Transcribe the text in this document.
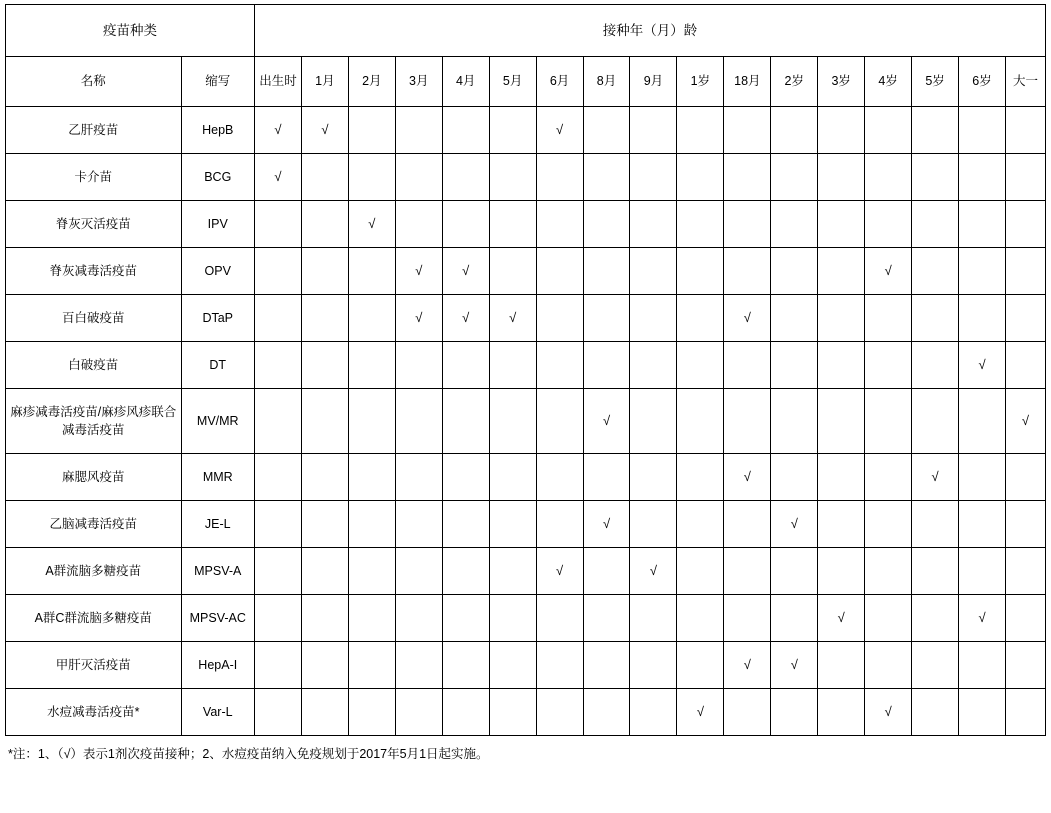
疫苗种类		接种年（月）龄																
名称	缩写	出生时	1月	2月	3月	4月	5月	6月	8月	9月	1岁	18月	2岁	3岁	4岁	5岁	6岁	大一
乙肝疫苗	HepB	√	√					√										
卡介苗	BCG	√																
脊灰灭活疫苗	IPV			√														
脊灰减毒活疫苗	OPV				√	√									√			
百白破疫苗	DTaP				√	√	√					√						
白破疫苗	DT																√	
麻疹减毒活疫苗/麻疹风疹联合减毒活疫苗	MV/MR								√									√
麻腮风疫苗	MMR											√				√		
乙脑减毒活疫苗	JE-L								√				√					
A群流脑多糖疫苗	MPSV-A							√		√								
A群C群流脑多糖疫苗	MPSV-AC													√			√	
甲肝灭活疫苗	HepA-I											√	√					
水痘减毒活疫苗*	Var-L										√				√			
*注：1、（√）表示1剂次疫苗接种；2、水痘疫苗纳入免疫规划于2017年5月1日起实施。
